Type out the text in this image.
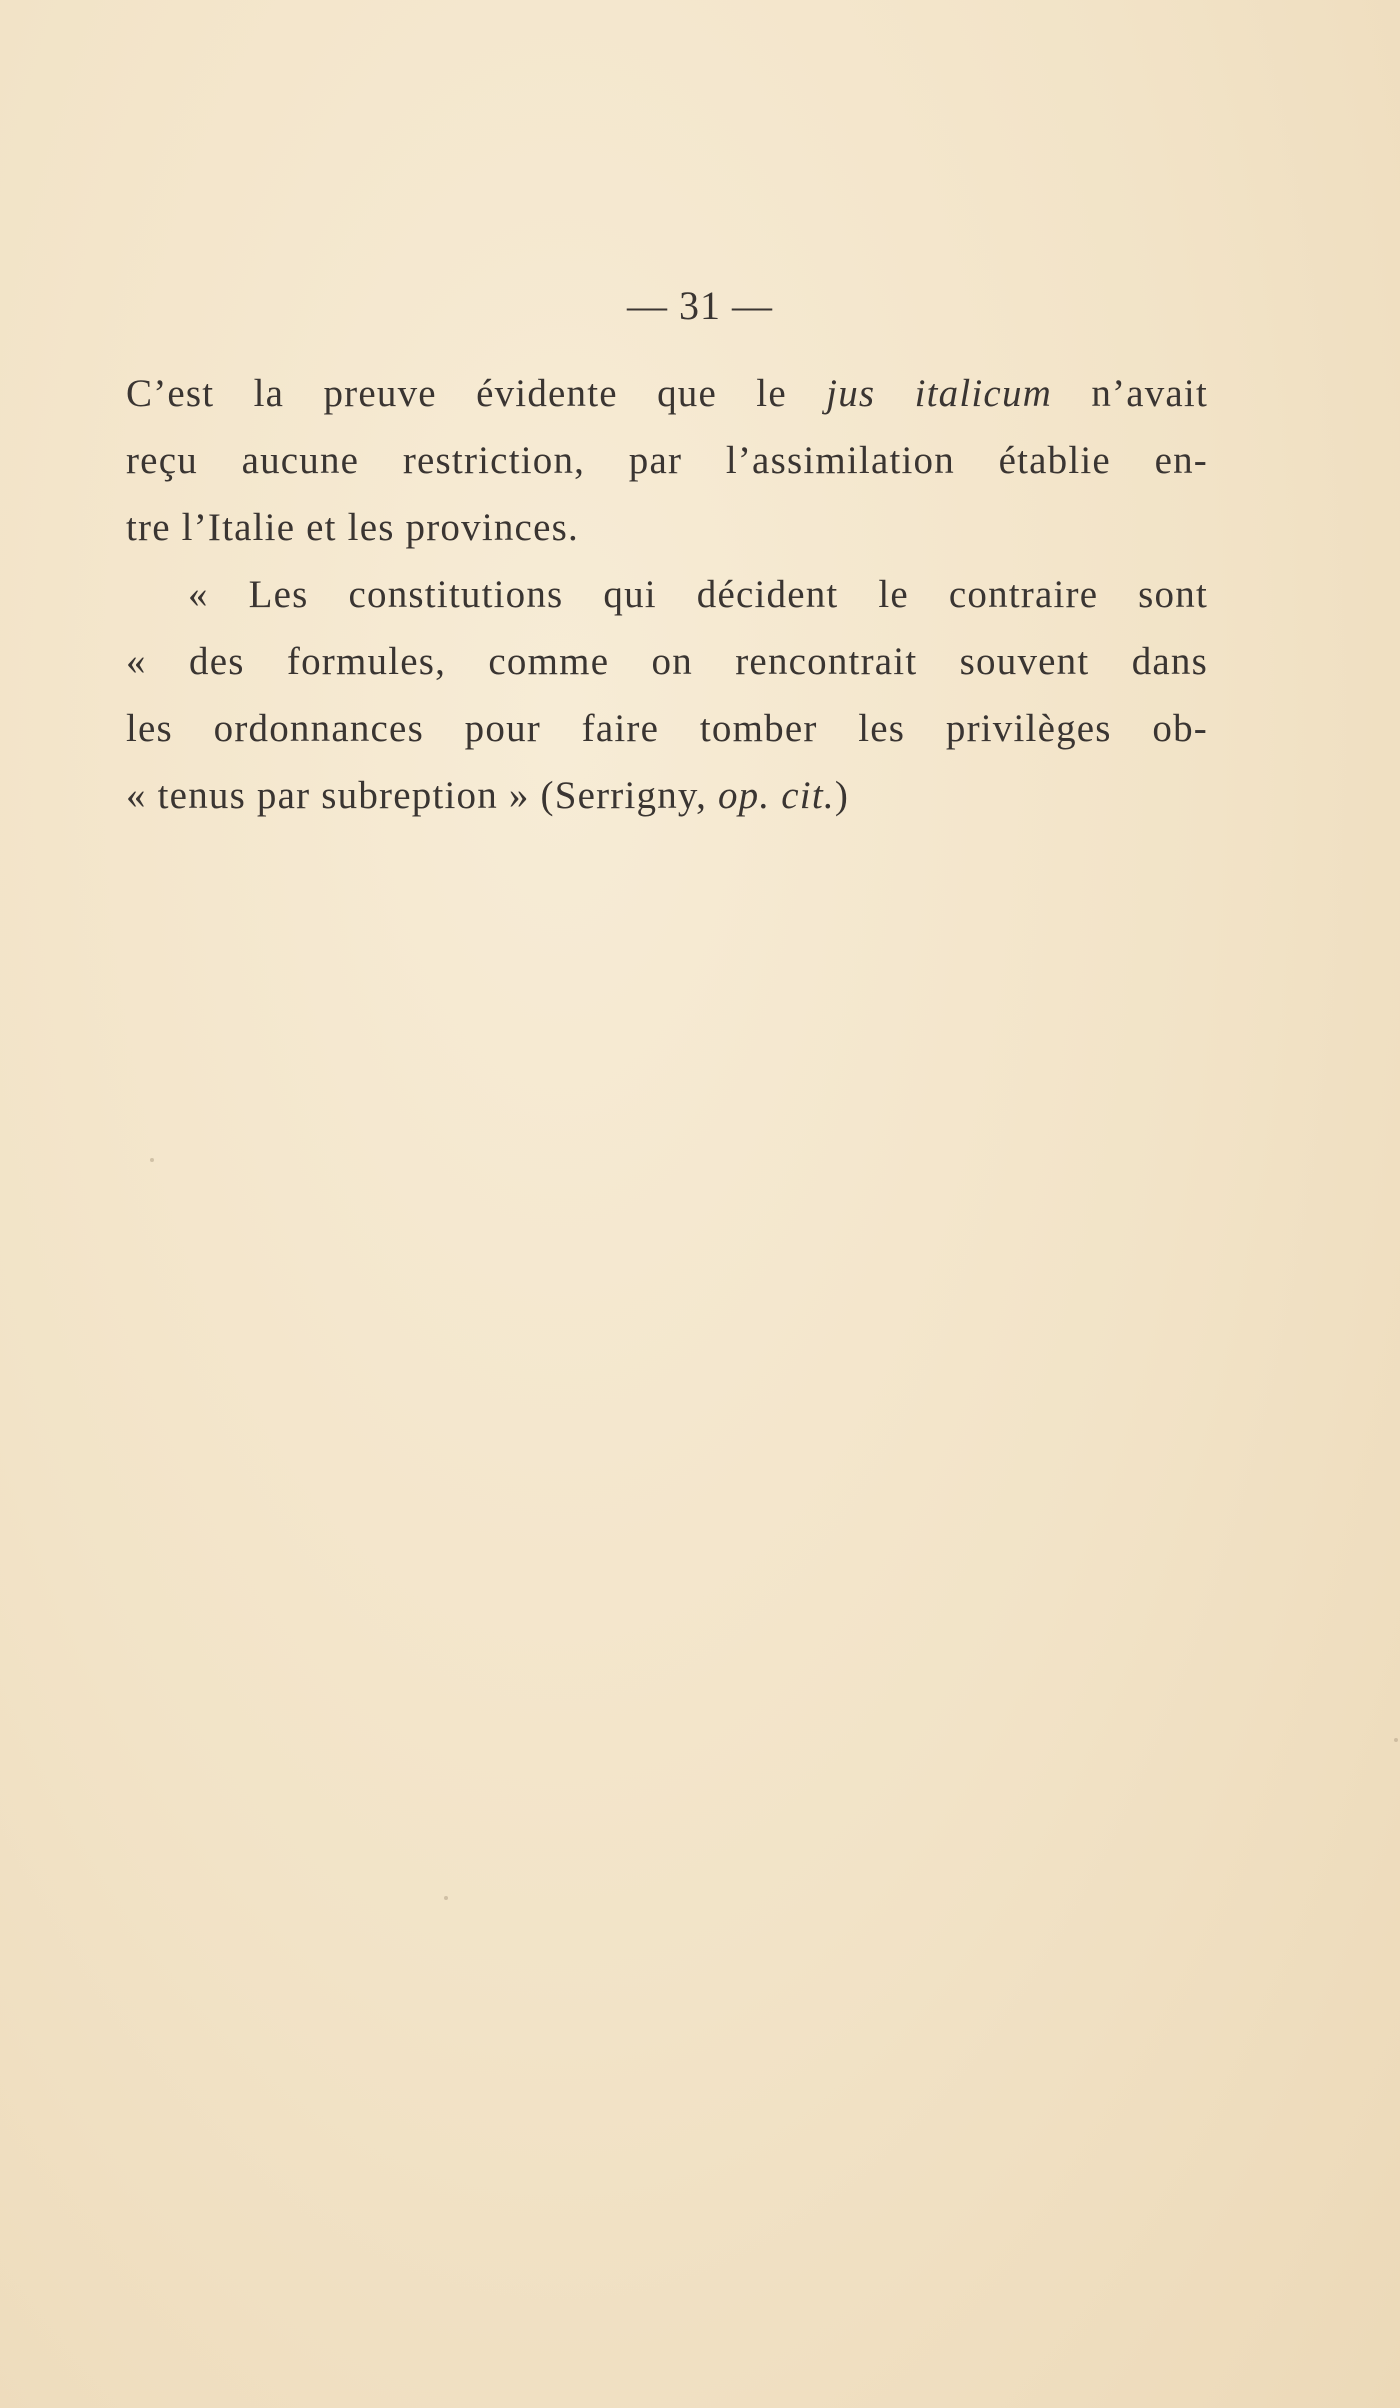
— 31 —
C’est la preuve évidente que le jus italicum n’avait
reçu aucune restriction, par l’assimilation établie en-
tre l’Italie et les provinces.
« Les constitutions qui décident le contraire sont
« des formules, comme on rencontrait souvent dans
les ordonnances pour faire tomber les privilèges ob-
« tenus par subreption » (Serrigny, op. cit.)
